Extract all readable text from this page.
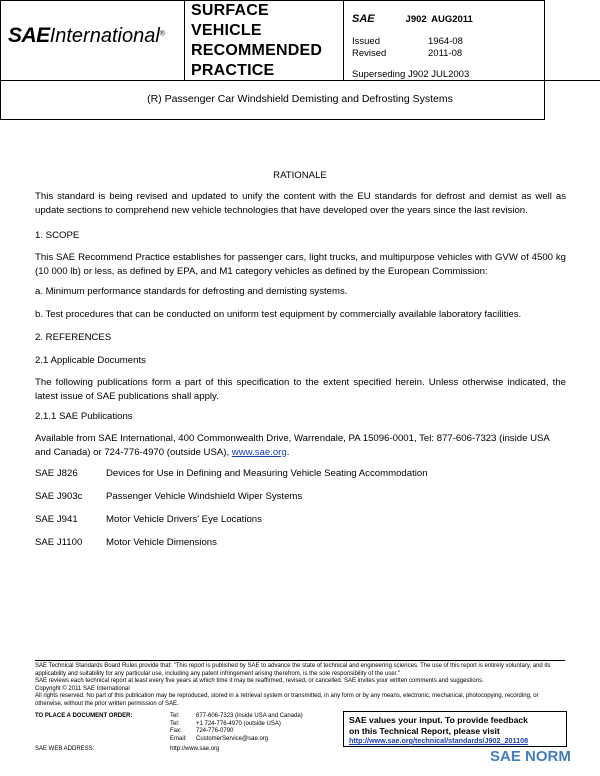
SAEInternational®
SURFACE
VEHICLE
RECOMMENDED
PRACTICE
SAE	J902 AUG2011
Issued	1964-08
Revised	2011-08
Superseding J902 JUL2003
(R) Passenger Car Windshield Demisting and Defrosting Systems
RATIONALE
This standard is being revised and updated to unify the content with the EU standards for defrost and demist as well as update sections to comprehend new vehicle technologies that have developed over the years since the last revision.
1. SCOPE
This SAE Recommend Practice establishes for passenger cars, light trucks, and multipurpose vehicles with GVW of 4500 kg (10 000 lb) or less, as defined by EPA, and M1 category vehicles as defined by the European Commission:
a. Minimum performance standards for defrosting and demisting systems.
b. Test procedures that can be conducted on uniform test equipment by commercially available laboratory facilities.
2. REFERENCES
2.1 Applicable Documents
The following publications form a part of this specification to the extent specified herein. Unless otherwise indicated, the latest issue of SAE publications shall apply.
2.1.1 SAE Publications
Available from SAE International, 400 Commonwealth Drive, Warrendale, PA 15096-0001, Tel: 877-606-7323 (inside USA and Canada) or 724-776-4970 (outside USA), www.sae.org.
SAE J826	Devices for Use in Defining and Measuring Vehicle Seating Accommodation
SAE J903c Passenger Vehicle Windshield Wiper Systems
SAE J941	Motor Vehicle Drivers' Eye Locations
SAE J1100 Motor Vehicle Dimensions
SAE Technical Standards Board Rules provide that: "This report is published by SAE to advance the state of technical and engineering sciences. The use of this report is entirely voluntary, and its applicability and suitability for any particular use, including any patent infringement arising therefrom, is the sole responsibility of the user."
SAE reviews each technical report at least every five years at which time it may be reaffirmed, revised, or cancelled. SAE invites your written comments and suggestions.
Copyright © 2011 SAE International
All rights reserved. No part of this publication may be reproduced, stored in a retrieval system or transmitted, in any form or by any means, electronic, mechanical, photocopying, recording, or otherwise, without the prior written permission of SAE.
TO PLACE A DOCUMENT ORDER:	Tel:	877-606-7323 (inside USA and Canada)
Tel:	+1 724-776-4970 (outside USA)
Fax: 724-776-0790
Email: CustomerService@sae.org
SAE WEB ADDRESS:	http://www.sae.org
SAE values your input. To provide feedback
on this Technical Report, please visit
http://www.sae.org/technical/standards/J902_201108
SAE NORM
